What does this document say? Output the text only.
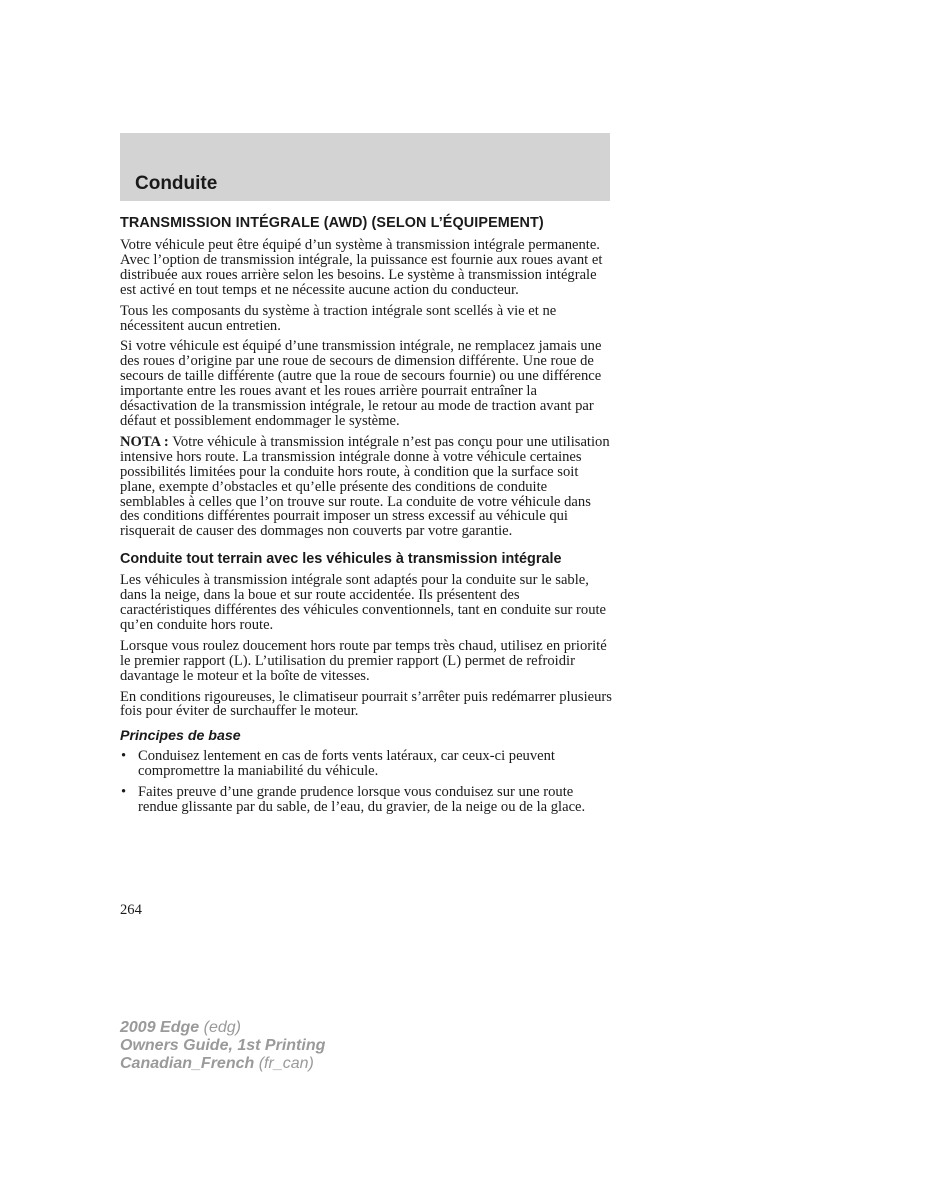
Conduite
TRANSMISSION INTÉGRALE (AWD) (SELON L’ÉQUIPEMENT)

Votre véhicule peut être équipé d’un système à transmission intégrale permanente. Avec l’option de transmission intégrale, la puissance est fournie aux roues avant et distribuée aux roues arrière selon les besoins. Le système à transmission intégrale est activé en tout temps et ne nécessite aucune action du conducteur.

Tous les composants du système à traction intégrale sont scellés à vie et ne nécessitent aucun entretien.

Si votre véhicule est équipé d’une transmission intégrale, ne remplacez jamais une des roues d’origine par une roue de secours de dimension différente. Une roue de secours de taille différente (autre que la roue de secours fournie) ou une différence importante entre les roues avant et les roues arrière pourrait entraîner la désactivation de la transmission intégrale, le retour au mode de traction avant par défaut et possiblement endommager le système.

NOTA : Votre véhicule à transmission intégrale n’est pas conçu pour une utilisation intensive hors route. La transmission intégrale donne à votre véhicule certaines possibilités limitées pour la conduite hors route, à condition que la surface soit plane, exempte d’obstacles et qu’elle présente des conditions de conduite semblables à celles que l’on trouve sur route. La conduite de votre véhicule dans des conditions différentes pourrait imposer un stress excessif au véhicule qui risquerait de causer des dommages non couverts par votre garantie.

Conduite tout terrain avec les véhicules à transmission intégrale

Les véhicules à transmission intégrale sont adaptés pour la conduite sur le sable, dans la neige, dans la boue et sur route accidentée. Ils présentent des caractéristiques différentes des véhicules conventionnels, tant en conduite sur route qu’en conduite hors route.

Lorsque vous roulez doucement hors route par temps très chaud, utilisez en priorité le premier rapport (L). L’utilisation du premier rapport (L) permet de refroidir davantage le moteur et la boîte de vitesses.

En conditions rigoureuses, le climatiseur pourrait s’arrêter puis redémarrer plusieurs fois pour éviter de surchauffer le moteur.

Principes de base
• Conduisez lentement en cas de forts vents latéraux, car ceux-ci peuvent compromettre la maniabilité du véhicule.
• Faites preuve d’une grande prudence lorsque vous conduisez sur une route rendue glissante par du sable, de l’eau, du gravier, de la neige ou de la glace.
264
2009 Edge (edg)
Owners Guide, 1st Printing
Canadian_French (fr_can)
